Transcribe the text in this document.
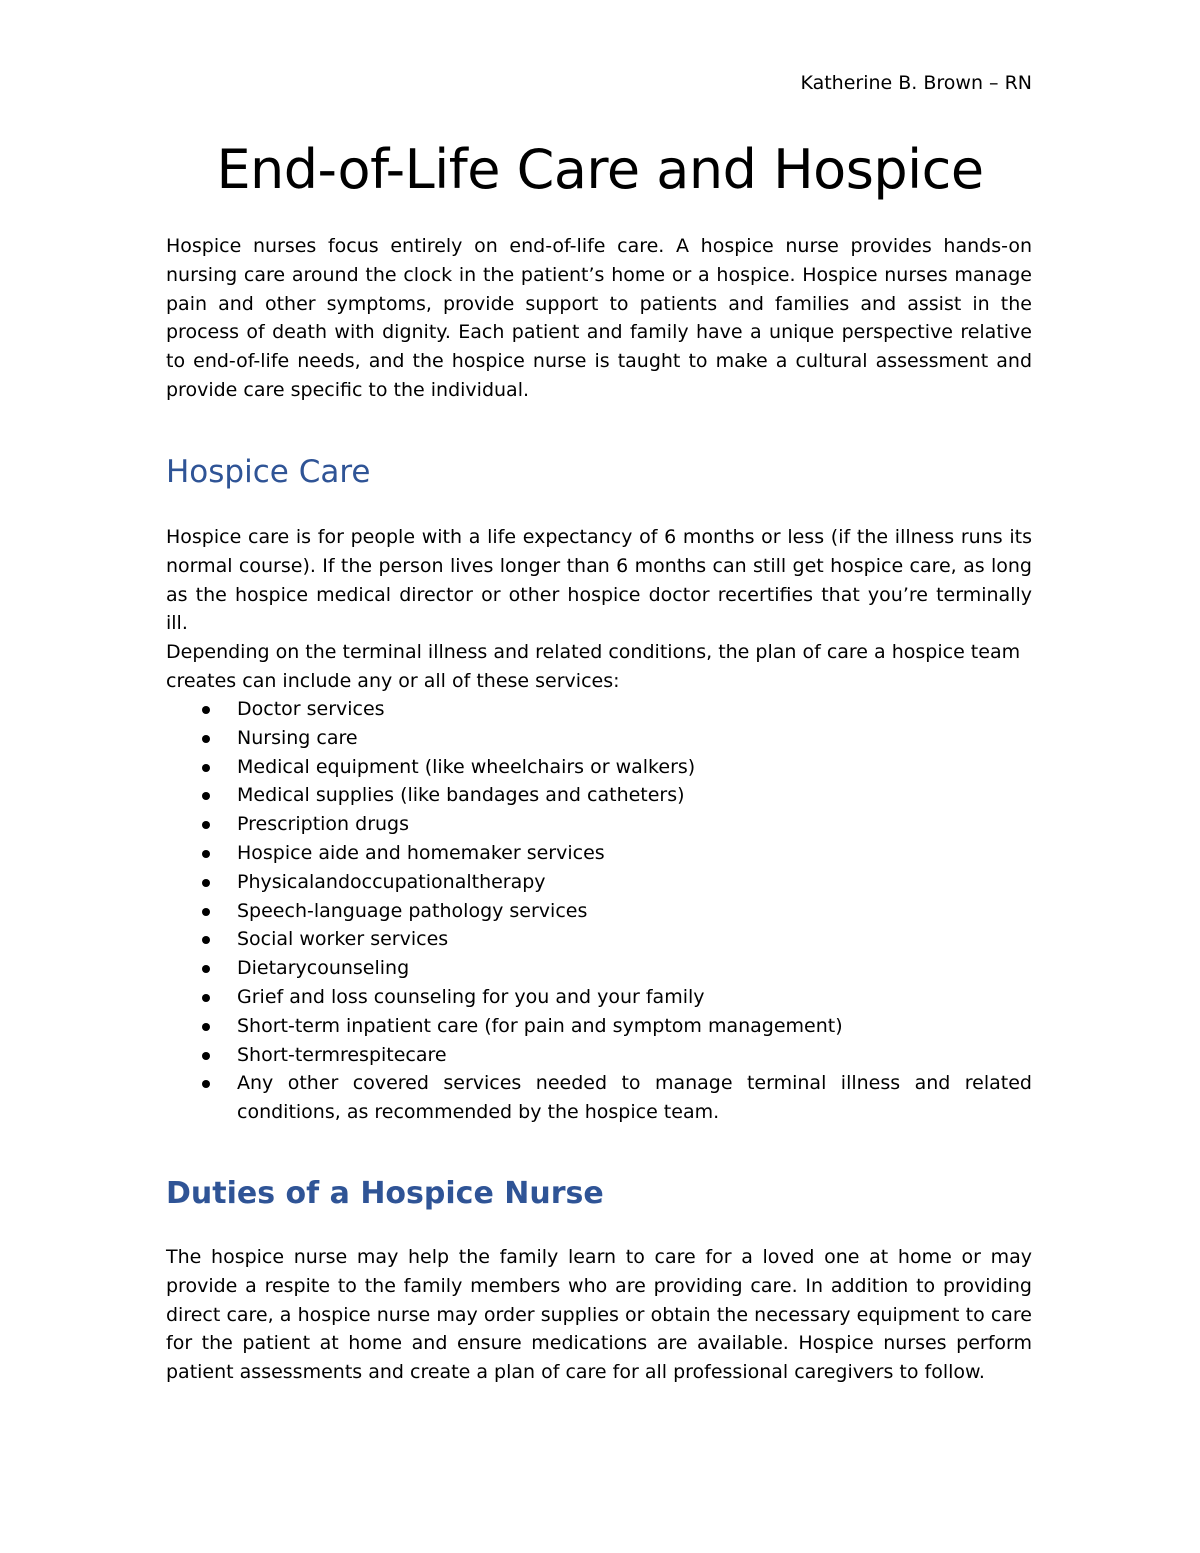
Katherine B. Brown – RN
End-of-Life Care and Hospice

Hospice nurses focus entirely on end-of-life care. A hospice nurse provides hands-on nursing care around the clock in the patient’s home or a hospice. Hospice nurses manage pain and other symptoms, provide support to patients and families and assist in the process of death with dignity. Each patient and family have a unique perspective relative to end-of-life needs, and the hospice nurse is taught to make a cultural assessment and provide care specific to the individual.

Hospice Care

Hospice care is for people with a life expectancy of 6 months or less (if the illness runs its normal course). If the person lives longer than 6 months can still get hospice care, as long as the hospice medical director or other hospice doctor recertifies that you’re terminally ill.

Depending on the terminal illness and related conditions, the plan of care a hospice team creates can include any or all of these services:

Doctor services
Nursing care
Medical equipment (like wheelchairs or walkers)
Medical supplies (like bandages and catheters)
Prescription drugs
Hospice aide and homemaker services
Physicalandoccupationaltherapy
Speech-language pathology services
Social worker services
Dietarycounseling
Grief and loss counseling for you and your family
Short-term inpatient care (for pain and symptom management)
Short-termrespitecare
Any other covered services needed to manage terminal illness and related conditions, as recommended by the hospice team.
Duties of a Hospice Nurse

The hospice nurse may help the family learn to care for a loved one at home or may provide a respite to the family members who are providing care. In addition to providing direct care, a hospice nurse may order supplies or obtain the necessary equipment to care for the patient at home and ensure medications are available. Hospice nurses perform patient assessments and create a plan of care for all professional caregivers to follow.
